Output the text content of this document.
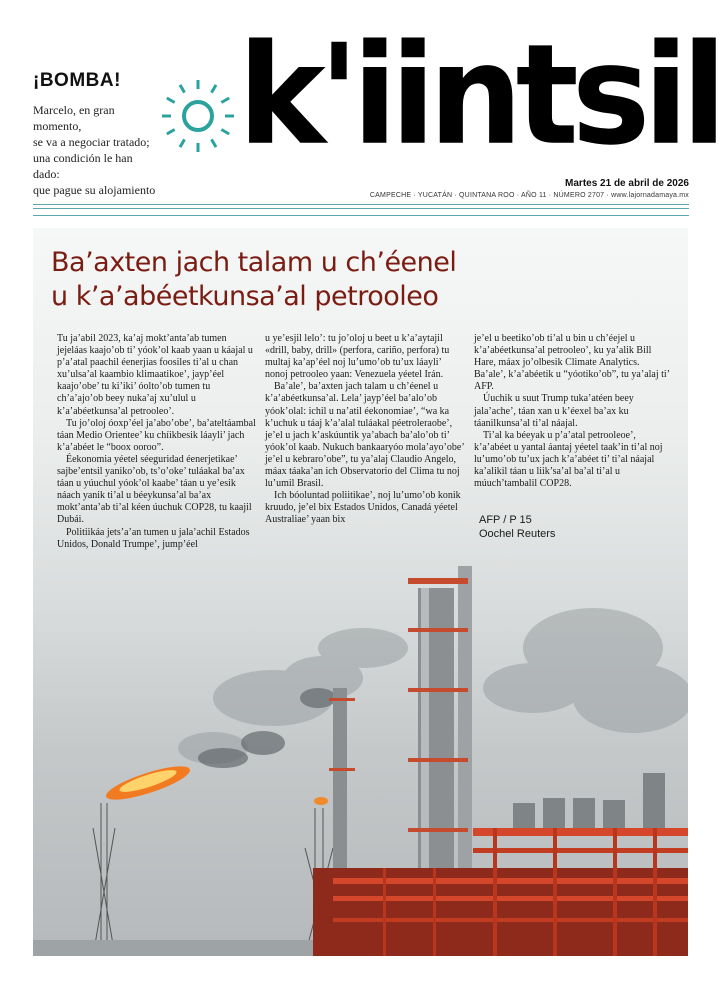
¡BOMBA!
Marcelo, en gran momento,
se va a negociar tratado;
una condición le han dado:
que pague su alojamiento
k'iintsil
Martes 21 de abril de 2026
CAMPECHE · YUCATÁN · QUINTANA ROO · AÑO 11 · NÚMERO 2707 · www.lajornadamaya.mx
Ba’axten jach talam u ch’éenel
u k’a’abéetkunsa’al petrooleo

Tu ja’abil 2023, ka’aj mokt’anta’ab tumen jejeláas kaajo’ob ti’ yóok’ol kaab yaan u káajal u p’a’atal paachil éenerjias foosiles ti’al u chan xu’ulsa’al kaambio klimaatikoe’, jayp’éel kaajo’obe’ tu ki’iki’ óolto’ob tumen tu ch’a’ajo’ob beey nuka’aj xu’ulul u k’a’abéetkunsa’al petrooleo’.

Tu jo’oloj óoxp’éel ja’abo’obe’, ba’ateltáambal táan Medio Orientee’ ku chíikbesik láayli’ jach k’a’abéet le “boox ooroo”.

Éekonomia yéetel séeguridad éenerjetikae’ sajbe’entsil yaniko’ob, ts’o’oke’ tuláakal ba’ax táan u yúuchul yóok’ol kaabe’ táan u ye’esik náach yanik ti’al u béeykunsa’al ba’ax mokt’anta’ab ti’al kéen úuchuk COP28, tu kaajil Dubái.

Politiikáa jets’a’an tumen u jala’achil Estados Unidos, Donald Trumpe’, jump’éel

u ye’esjil lelo’: tu jo’oloj u beet u k’a’aytajil «drill, baby, drill» (perfora, cariño, perfora) tu multaj ka’ap’éel noj lu’umo’ob tu’ux láayli’ nonoj petrooleo yaan: Venezuela yéetel Irán.

Ba’ale’, ba’axten jach talam u ch’éenel u k’a’abéetkunsa’al. Lela’ jayp’éel ba’alo’ob yóok’olal: ichil u na’atil éekonomiae’, “wa ka k’uchuk u táaj k’a’alal tuláakal péetroleraobe’, je’el u jach k’askúuntik ya’abach ba’alo’ob ti’ yóok’ol kaab. Nukuch bankaaryóo mola’ayo’obe’ je’el u kebraro’obe”, tu ya’alaj Claudio Angelo, máax táaka’an ich Observatorio del Clima tu noj lu’umil Brasil.

Ich bóoluntad poliitikae’, noj lu’umo’ob konik kruudo, je’el bix Estados Unidos, Canadá yéetel Australiae’ yaan bix

je’el u beetiko’ob ti’al u bin u ch’éejel u k’a’abéetkunsa’al petrooleo’, ku ya’alik Bill Hare, máax jo’olbesik Climate Analytics. Ba’ale’, k’a’abéetik u “yóotiko’ob”, tu ya’alaj ti’ AFP.

Úuchik u suut Trump tuka’atéen beey jala’ache’, táan xan u k’éexel ba’ax ku táanilkunsa’al ti’al náajal.

Ti’al ka béeyak u p’a’atal petrooleoe’, k’a’abéet u yantal áantaj yéetel taak’in ti’al noj lu’umo’ob tu’ux jach k’a’abéet ti’ ti’al náajal ka’alikil táan u liik’sa’al ba’al ti’al u múuch’tambalil COP28.

AFP / P 15
Oochel Reuters
